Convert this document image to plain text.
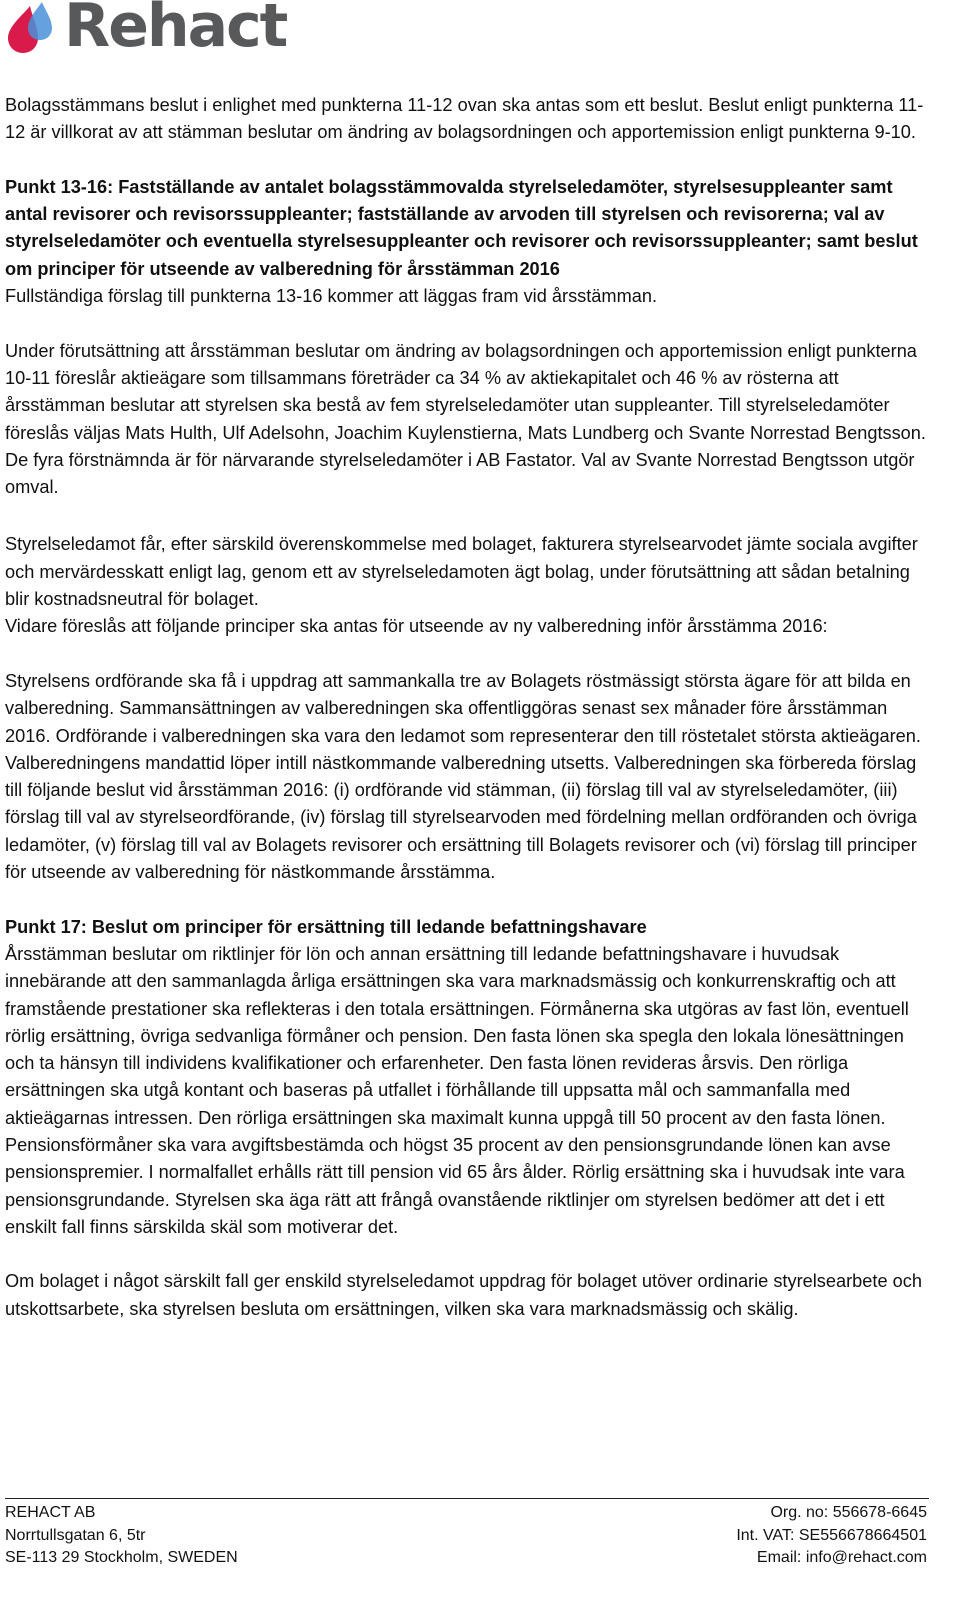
Rehact

Bolagsstämmans beslut i enlighet med punkterna 11-12 ovan ska antas som ett beslut. Beslut enligt punkterna 11-12 är villkorat av att stämman beslutar om ändring av bolagsordningen och apportemission enligt punkterna 9-10.

Punkt 13-16: Fastställande av antalet bolagsstämmovalda styrelseledamöter, styrelsesuppleanter samt antal revisorer och revisorssuppleanter; fastställande av arvoden till styrelsen och revisorerna; val av styrelseledamöter och eventuella styrelsesuppleanter och revisorer och revisorssuppleanter; samt beslut om principer för utseende av valberedning för årsstämman 2016

Fullständiga förslag till punkterna 13-16 kommer att läggas fram vid årsstämman.

Under förutsättning att årsstämman beslutar om ändring av bolagsordningen och apportemission enligt punkterna 10-11 föreslår aktieägare som tillsammans företräder ca 34 % av aktiekapitalet och 46 % av rösterna att årsstämman beslutar att styrelsen ska bestå av fem styrelseledamöter utan suppleanter. Till styrelseledamöter föreslås väljas Mats Hulth, Ulf Adelsohn, Joachim Kuylenstierna, Mats Lundberg och Svante Norrestad Bengtsson. De fyra förstnämnda är för närvarande styrelseledamöter i AB Fastator. Val av Svante Norrestad Bengtsson utgör omval.

Styrelseledamot får, efter särskild överenskommelse med bolaget, fakturera styrelsearvodet jämte sociala avgifter och mervärdesskatt enligt lag, genom ett av styrelseledamoten ägt bolag, under förutsättning att sådan betalning blir kostnadsneutral för bolaget.

Vidare föreslås att följande principer ska antas för utseende av ny valberedning inför årsstämma 2016:

Styrelsens ordförande ska få i uppdrag att sammankalla tre av Bolagets röstmässigt största ägare för att bilda en valberedning. Sammansättningen av valberedningen ska offentliggöras senast sex månader före årsstämman 2016. Ordförande i valberedningen ska vara den ledamot som representerar den till röstetalet största aktieägaren. Valberedningens mandattid löper intill nästkommande valberedning utsetts. Valberedningen ska förbereda förslag till följande beslut vid årsstämman 2016: (i) ordförande vid stämman, (ii) förslag till val av styrelseledamöter, (iii) förslag till val av styrelseordförande, (iv) förslag till styrelsearvoden med fördelning mellan ordföranden och övriga ledamöter, (v) förslag till val av Bolagets revisorer och ersättning till Bolagets revisorer och (vi) förslag till principer för utseende av valberedning för nästkommande årsstämma.

Punkt 17: Beslut om principer för ersättning till ledande befattningshavare

Årsstämman beslutar om riktlinjer för lön och annan ersättning till ledande befattningshavare i huvudsak innebärande att den sammanlagda årliga ersättningen ska vara marknadsmässig och konkurrenskraftig och att framstående prestationer ska reflekteras i den totala ersättningen. Förmånerna ska utgöras av fast lön, eventuell rörlig ersättning, övriga sedvanliga förmåner och pension. Den fasta lönen ska spegla den lokala lönesättningen och ta hänsyn till individens kvalifikationer och erfarenheter. Den fasta lönen revideras årsvis. Den rörliga ersättningen ska utgå kontant och baseras på utfallet i förhållande till uppsatta mål och sammanfalla med aktieägarnas intressen. Den rörliga ersättningen ska maximalt kunna uppgå till 50 procent av den fasta lönen. Pensionsförmåner ska vara avgiftsbestämda och högst 35 procent av den pensionsgrundande lönen kan avse pensionspremier. I normalfallet erhålls rätt till pension vid 65 års ålder. Rörlig ersättning ska i huvudsak inte vara pensionsgrundande. Styrelsen ska äga rätt att frångå ovanstående riktlinjer om styrelsen bedömer att det i ett enskilt fall finns särskilda skäl som motiverar det.

Om bolaget i något särskilt fall ger enskild styrelseledamot uppdrag för bolaget utöver ordinarie styrelsearbete och utskottsarbete, ska styrelsen besluta om ersättningen, vilken ska vara marknadsmässig och skälig.

REHACT AB
Norrtullsgatan 6, 5tr
SE-113 29 Stockholm, SWEDEN
Org. no: 556678-6645
Int. VAT: SE556678664501
Email: info@rehact.com
